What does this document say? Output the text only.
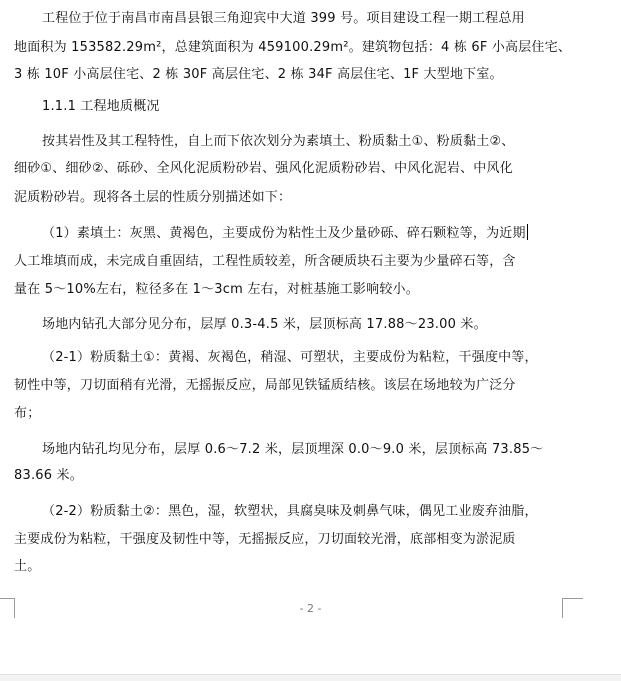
工程位于位于南昌市南昌县银三角迎宾中大道 399 号。项目建设工程一期工程总用
地面积为 153582.29m²，总建筑面积为 459100.29m²。建筑物包括：4 栋 6F 小高层住宅、
3 栋 10F 小高层住宅、2 栋 30F 高层住宅、2 栋 34F 高层住宅、1F 大型地下室。
1.1.1 工程地质概况
按其岩性及其工程特性，自上而下依次划分为素填土、粉质黏土①、粉质黏土②、
细砂①、细砂②、砾砂、全风化泥质粉砂岩、强风化泥质粉砂岩、中风化泥岩、中风化
泥质粉砂岩。现将各土层的性质分别描述如下：
（1）素填土：灰黑、黄褐色，主要成份为粘性土及少量砂砾、碎石颗粒等，为近期
人工堆填而成，未完成自重固结，工程性质较差，所含硬质块石主要为少量碎石等，含
量在 5～10%左右，粒径多在 1～3cm 左右，对桩基施工影响较小。
场地内钻孔大部分见分布，层厚 0.3-4.5 米，层顶标高 17.88～23.00 米。
（2-1）粉质黏土①：黄褐、灰褐色，稍湿、可塑状，主要成份为粘粒，干强度中等，
韧性中等，刀切面稍有光滑，无摇振反应，局部见铁锰质结核。该层在场地较为广泛分
布；
场地内钻孔均见分布，层厚 0.6～7.2 米，层顶埋深 0.0～9.0 米，层顶标高 73.85～
83.66 米。
（2-2）粉质黏土②：黑色，湿，软塑状，具腐臭味及刺鼻气味，偶见工业废弃油脂，
主要成份为粘粒，干强度及韧性中等，无摇振反应，刀切面较光滑，底部相变为淤泥质
土。
- 2 -
